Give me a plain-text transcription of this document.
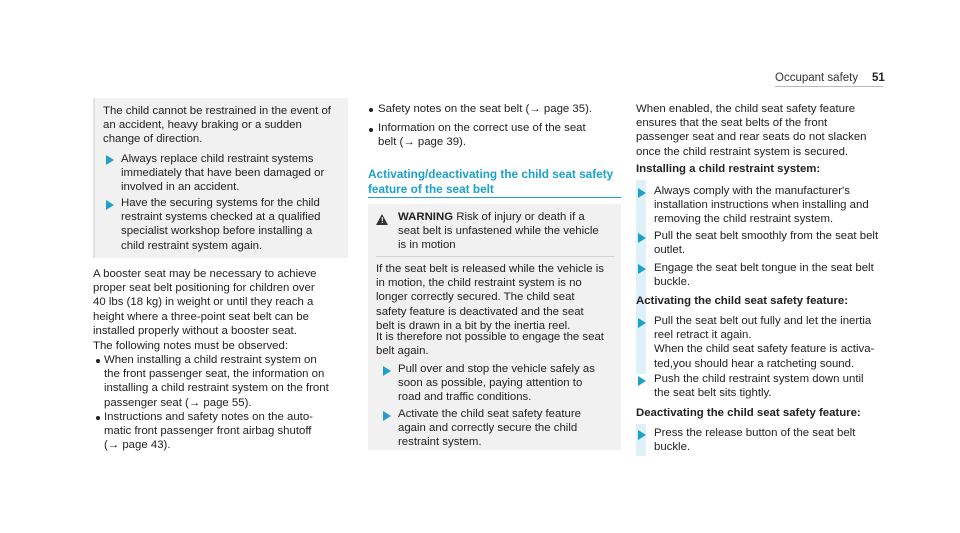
Occupant safety 51

The child cannot be restrained in the event of

an accident, heavy braking or a sudden

change of direction.

Always replace child restraint systems

immediately that have been damaged or

involved in an accident.

Have the securing systems for the child

restraint systems checked at a qualified

specialist workshop before installing a

child restraint system again.

A booster seat may be necessary to achieve

proper seat belt positioning for children over

40 lbs (18 kg) in weight or until they reach a

height where a three-point seat belt can be

installed properly without a booster seat.

The following notes must be observed:

When installing a child restraint system on

the front passenger seat, the information on

installing a child restraint system on the front

passenger seat (→ page 55).

Instructions and safety notes on the auto-

matic front passenger front airbag shutoff

(→ page 43).

Safety notes on the seat belt (→ page 35).

Information on the correct use of the seat

belt (→ page 39).

Activating/deactivating the child seat safety

feature of the seat belt

! WARNING Risk of injury or death if a

seat belt is unfastened while the vehicle

is in motion

If the seat belt is released while the vehicle is

in motion, the child restraint system is no

longer correctly secured. The child seat

safety feature is deactivated and the seat

belt is drawn in a bit by the inertia reel.

It is therefore not possible to engage the seat

belt again.

Pull over and stop the vehicle safely as

soon as possible, paying attention to

road and traffic conditions.

Activate the child seat safety feature

again and correctly secure the child

restraint system.

When enabled, the child seat safety feature

ensures that the seat belts of the front

passenger seat and rear seats do not slacken

once the child restraint system is secured.

Installing a child restraint system:

Always comply with the manufacturer's

installation instructions when installing and

removing the child restraint system.

Pull the seat belt smoothly from the seat belt

outlet.

Engage the seat belt tongue in the seat belt

buckle.

Activating the child seat safety feature:

Pull the seat belt out fully and let the inertia

reel retract it again.

When the child seat safety feature is activa-

ted,you should hear a ratcheting sound.

Push the child restraint system down until

the seat belt sits tightly.

Deactivating the child seat safety feature:

Press the release button of the seat belt

buckle.
